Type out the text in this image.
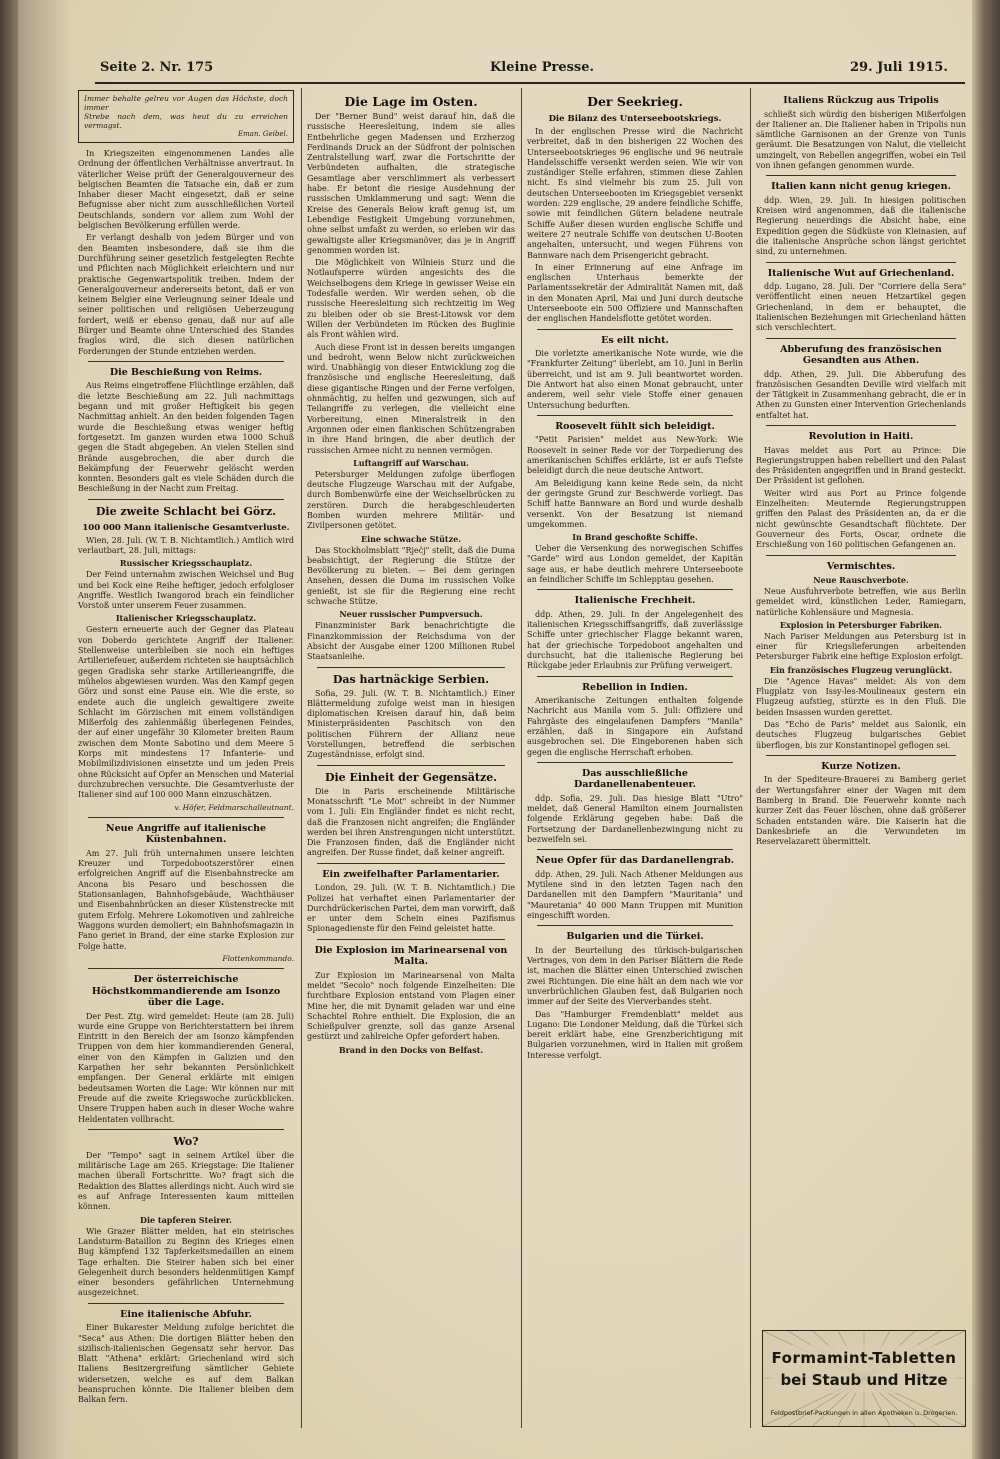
Seite 2. Nr. 175	Kleine Presse.	29. Juli 1915.
Immer behalte gelreu vor Augen das Höchste, doch immer
Strebe nach dem, was heut du zu erreichen vermagst.
Eman. Geibel.

In Kriegszeiten eingenommenen Landes alle Ordnung der öffentlichen Verhältnisse anvertraut. In väterlicher Weise prüft der Generalgouverneur des belgischen Beamten die Tatsache ein, daß er zum Inhaber dieser Macht eingesetzt, daß er seine Befugnisse aber nicht zum ausschließlichen Vorteil Deutschlands, sondern vor allem zum Wohl der belgischen Bevölkerung erfüllen werde.

Er verlangt deshalb von jedem Bürger und von den Beamten insbesondere, daß sie ihm die Durchführung seiner gesetzlich festgelegten Rechte und Pflichten nach Möglichkeit erleichtern und nur praktische Gegenwartspolitik treiben. Indem der Generalgouverneur andererseits betont, daß er von keinem Belgier eine Verleugnung seiner Ideale und seiner politischen und religiösen Ueberzeugung fordert, weiß er ebenso genau, daß nur auf alle Bürger und Beamte ohne Unterschied des Standes fraglos wird, die sich diesen natürlichen Forderungen der Stunde entziehen werden.

Die Beschießung von Reims.

Aus Reims eingetroffene Flüchtlinge erzählen, daß die letzte Beschießung am 22. Juli nachmittags begann und mit großer Heftigkeit bis gegen Nachmittag anhielt. An den beiden folgenden Tagen wurde die Beschießung etwas weniger heftig fortgesetzt. Im ganzen wurden etwa 1000 Schuß gegen die Stadt abgegeben. An vielen Stellen sind Brände ausgebrochen, die aber durch die Bekämpfung der Feuerwehr gelöscht werden konnten. Besonders galt es viele Schäden durch die Beschießung in der Nacht zum Freitag.

Die zweite Schlacht bei Görz.
100 000 Mann italienische Gesamtverluste.

Wien, 28. Juli. (W. T. B. Nichtamtlich.) Amtlich wird verlautbart, 28. Juli, mittags:

Russischer Kriegsschauplatz.

Der Feind unternahm zwischen Weichsel und Bug und bei Kock eine Reihe heftiger, jedoch erfolgloser Angriffe. Westlich Iwangorod brach ein feindlicher Vorstoß unter unserem Feuer zusammen.

Italienischer Kriegsschauplatz.

Gestern erneuerte auch der Gegner das Plateau von Doberdo gerichtete Angriff der Italiener. Stellenweise unterbleiben sie noch ein heftiges Artilleriefeuer, außerdem richteten sie hauptsächlich gegen Gradiska sehr starke Artillerieangriffe, die mühelos abgewiesen wurden. Was den Kampf gegen Görz und sonst eine Pause ein. Wie die erste, so endete auch die ungleich gewaltigere zweite Schlacht im Görzischen mit einem vollständigen Mißerfolg des zahlenmäßig überlegenen Feindes, der auf einer ungefähr 30 Kilometer breiten Raum zwischen dem Monte Sabotino und dem Meere 5 Korps mit mindestens 17 Infanterie- und Mobilmilizdivisionen einsetzte und um jeden Preis ohne Rücksicht auf Opfer an Menschen und Material durchzubrechen versuchte. Die Gesamtverluste der Italiener sind auf 100 000 Mann einzuschätzen.

v. Höfer, Feldmarschalleutnant.
Neue Angriffe auf italienische Küstenbahnen.

Am 27. Juli früh unternahmen unsere leichten Kreuzer und Torpedobootszerstörer einen erfolgreichen Angriff auf die Eisenbahnstrecke am Ancona bis Pesaro und beschossen die Stationsanlagen, Bahnhofsgebäude, Wachthäuser und Eisenbahnbrücken an dieser Küstenstrecke mit gutem Erfolg. Mehrere Lokomotiven und zahlreiche Waggons wurden demoliert; ein Bahnhofsmagazin in Fano geriet in Brand, der eine starke Explosion zur Folge hatte.

Flottenkommando.
Der österreichische Höchstkommandierende am Isonzo über die Lage.

Der Pest. Ztg. wird gemeldet: Heute (am 28. Juli) wurde eine Gruppe von Berichterstattern bei ihrem Eintritt in den Bereich der am Isonzo kämpfenden Truppen von dem hier kommandierenden General, einer von den Kämpfen in Galizien und den Karpathen her sehr bekannten Persönlichkeit empfangen. Der General erklärte mit einigen bedeutsamen Worten die Lage: Wir können nur mit Freude auf die zweite Kriegswoche zurückblicken. Unsere Truppen haben auch in dieser Woche wahre Heldentaten vollbracht.

Wo?

Der "Tempo" sagt in seinem Artikel über die militärische Lage am 265. Kriegstage: Die Italiener machen überall Fortschritte. Wo? fragt sich die Redaktion des Blattes allerdings nicht. Auch wird sie es auf Anfrage Interessenten kaum mitteilen können.

Die tapferen Steirer.

Wie Grazer Blätter melden, hat ein steirisches Landsturm-Bataillon zu Beginn des Krieges einen Bug kämpfend 132 Tapferkeitsmedaillen an einem Tage erhalten. Die Steirer haben sich bei einer Gelegenheit durch besonders heldenmütigen Kampf einer besonders gefährlichen Unternehmung ausgezeichnet.

Eine italienische Abfuhr.

Einer Bukarester Meldung zufolge berichtet die "Seca" aus Athen: Die dortigen Blätter heben den sizilisch-italienischen Gegensatz sehr hervor. Das Blatt "Athena" erklärt: Griechenland wird sich Italiens Besitzergreifung sämtlicher Gebiete widersetzen, welche es auf dem Balkan beanspruchen könnte. Die Italiener bleiben dem Balkan fern.

Die Lage im Osten.

Der "Berner Bund" weist darauf hin, daß die russische Heeresleitung, indem sie alles Entbehrliche gegen Madensen und Erzherzog Ferdinands Druck an der Südfront der polnischen Zentralstellung warf, zwar die Fortschritte der Verbündeten aufhalten, die strategische Gesamtlage aber verschlimmert als verbessert habe. Er betont die riesige Ausdehnung der russischen Umklammerung und sagt: Wenn die Kreise des Generals Below kraft genug ist, um Lebendige Festigkeit Umgebung vorzunehmen, ohne selbst umfaßt zu werden, so erleben wir das gewaltigste aller Kriegsmanöver, das je in Angriff genommen worden ist.

Die Möglichkeit von Wilnieis Sturz und die Notlaufsperre würden angesichts des die Weichselbogens dem Kriege in gewisser Weise ein Todesfalle werden. Wir werden sehen, ob die russische Heeresleitung sich rechtzeitig im Weg zu bleiben oder ob sie Brest-Litowsk vor dem Willen der Verbündeten im Rücken des Buglinie als Front wählen wird.

Auch diese Front ist in dessen bereits umgangen und bedroht, wenn Below nicht zurückweichen wird. Unabhängig von dieser Entwicklung zog die französische und englische Heeresleitung, daß diese gigantische Ringen und der Ferne verfolgen, ohnmächtig, zu helfen und gezwungen, sich auf Teilangriffe zu verlegen, die vielleicht eine Vorbereitung, einen Mineralstreik in den Argonnen oder einen flankischen Schützengraben in ihre Hand bringen, die aber deutlich der russischen Armee nicht zu nennen vermögen.

Luftangriff auf Warschau.

Petersburger Meldungen zufolge überflogen deutsche Flugzeuge Warschau mit der Aufgabe, durch Bombenwürfe eine der Weichselbrücken zu zerstören. Durch die herabgeschleuderten Bomben wurden mehrere Militär- und Zivilpersonen getötet.

Eine schwache Stütze.

Das Stockholmsblatt "Rječj" stellt, daß die Duma beabsichtigt, der Regierung die Stütze der Bevölkerung zu bieten. — Bei dem geringen Ansehen, dessen die Duma im russischen Volke genießt, ist sie für die Regierung eine recht schwache Stütze.

Neuer russischer Pumpversuch.

Finanzminister Bark benachrichtigte die Finanzkommission der Reichsduma von der Absicht der Ausgabe einer 1200 Millionen Rubel Staatsanleihe.

Das hartnäckige Serbien.

Sofia, 29. Juli. (W. T. B. Nichtamtlich.) Einer Blättermeldung zufolge weist man in hiesigen diplomatischen Kreisen darauf hin, daß beim Ministerpräsidenten Paschitsch von den politischen Führern der Allianz neue Vorstellungen, betreffend die serbischen Zugeständnisse, erfolgt sind.

Die Einheit der Gegensätze.

Die in Paris erscheinende Militärische Monatsschrift "Le Mot" schreibt in der Nummer vom 1. Juli: Ein Engländer findet es nicht recht, daß die Franzosen nicht angreifen; die Engländer werden bei ihren Anstrengungen nicht unterstützt. Die Franzosen finden, daß die Engländer nicht angreifen. Der Russe findet, daß keiner angreift.

Ein zweifelhafter Parlamentarier.

London, 29. Juli. (W. T. B. Nichtamtlich.) Die Polizei hat verhaftet einen Parlamentarier der Durchdrückerischen Partei, dem man vorwirft, daß er unter dem Schein eines Pazifismus Spionagedienste für den Feind geleistet hatte.

Die Explosion im Marinearsenal von Malta.

Zur Explosion im Marinearsenal von Malta meldet "Secolo" noch folgende Einzelheiten: Die furchtbare Explosion entstand vom Plagen einer Mine her, die mit Dynamit geladen war und eine Schachtel Rohre enthielt. Die Explosion, die an Schießpulver grenzte, soll das ganze Arsenal gestürzt und zahlreiche Opfer gefordert haben.

Brand in den Docks von Belfast.
Der Seekrieg.
Die Bilanz des Unterseebootskriegs.

In der englischen Presse wird die Nachricht verbreitet, daß in den bisherigen 22 Wochen des Unterseebootskrieges 96 englische und 96 neutrale Handelsschiffe versenkt werden seien. Wie wir von zuständiger Stelle erfahren, stimmen diese Zahlen nicht. Es sind vielmehr bis zum 25. Juli von deutschen Unterseebooten im Kriegsgebiet versenkt worden: 229 englische, 29 andere feindliche Schiffe, sowie mit feindlichen Gütern beladene neutrale Schiffe Außer diesen wurden englische Schiffe und weitere 27 neutrale Schiffe von deutschen U-Booten angehalten, untersucht, und wegen Führens von Bannware nach dem Prisengericht gebracht.

In einer Erinnerung auf eine Anfrage im englischen Unterhaus bemerkte der Parlamentssekretär der Admiralität Namen mit, daß in den Monaten April, Mai und Juni durch deutsche Unterseeboote ein 500 Offiziere und Mannschaften der englischen Handelsflotte getötet worden.

Es eilt nicht.

Die vorletzte amerikanische Note wurde, wie die "Frankfurter Zeitung" überlebt, am 10. Juni in Berlin überreicht, und ist am 9. Juli beantwortet worden. Die Antwort hat also einen Monat gebraucht, unter anderem, weil sehr viele Stoffe einer genauen Untersuchung bedurften.

Roosevelt fühlt sich beleidigt.

"Petit Parisien" meldet aus New-York: Wie Roosevelt in seiner Rede vor der Torpedierung des amerikanischen Schiffes erklärte, ist er aufs Tiefste beleidigt durch die neue deutsche Antwort.

Am Beleidigung kann keine Rede sein, da nicht der geringste Grund zur Beschwerde vorliegt. Das Schiff hatte Bannware an Bord und wurde deshalb versenkt. Von der Besatzung ist niemand umgekommen.

In Brand geschoßte Schiffe.

Ueber die Versenkung des norwegischen Schiffes "Garde" wird aus London gemeldet, der Kapitän sage aus, er habe deutlich mehrere Unterseeboote an feindlicher Schiffe im Schlepptau gesehen.

Italienische Frechheit.

ddp. Athen, 29. Juli. In der Angelegenheit des italienischen Kriegsschiffsangriffs, daß zuverlässige Schiffe unter griechischer Flagge bekannt waren, hat der griechische Torpedoboot angehalten und durchsucht, hat die italienische Regierung bei Rückgabe jeder Erlaubnis zur Prüfung verweigert.

Rebellion in Indien.

Amerikanische Zeitungen enthalten folgende Nachricht aus Manila vom 5. Juli: Offiziere und Fahrgäste des eingelaufenen Dampfers "Manila" erzählen, daß in Singapore ein Aufstand ausgebrochen sei. Die Eingeborenen haben sich gegen die englische Herrschaft erhoben.

Das ausschließliche Dardanellenabenteuer.

ddp. Sofia, 29. Juli. Das hiesige Blatt "Utro" meldet, daß General Hamilton einem Journalisten folgende Erklärung gegeben habe: Daß die Fortsetzung der Dardanellenbezwingung nicht zu bezweifeln sei.

Neue Opfer für das Dardanellengrab.

ddp. Athen, 29. Juli. Nach Athener Meldungen aus Mytilene sind in den letzten Tagen nach den Dardanellen mit den Dampfern "Mauritania" und "Mauretania" 40 000 Mann Truppen mit Munition eingeschifft worden.

Bulgarien und die Türkei.

In der Beurteilung des türkisch-bulgarischen Vertrages, von dem in den Pariser Blättern die Rede ist, machen die Blätter einen Unterschied zwischen zwei Richtungen. Die eine hält an dem nach wie vor unverbrüchlichen Glauben fest, daß Bulgarien noch immer auf der Seite des Vierverbandes steht.

Das "Hamburger Fremdenblatt" meldet aus Lugano: Die Londoner Meldung, daß die Türkei sich bereit erklärt habe, eine Grenzberichtigung mit Bulgarien vorzunehmen, wird in Italien mit großem Interesse verfolgt.

Italiens Rückzug aus Tripolis

schließt sich würdig den bisherigen Mißerfolgen der Italiener an. Die Italiener haben in Tripolis nun sämtliche Garnisonen an der Grenze von Tunis geräumt. Die Besatzungen von Nalut, die vielleicht umzingelt, von Rebellen angegriffen, wobei ein Teil von ihnen gefangen genommen wurde.

Italien kann nicht genug kriegen.

ddp. Wien, 29. Juli. In hiesigen politischen Kreisen wird angenommen, daß die italienische Regierung neuerdings die Absicht habe, eine Expedition gegen die Südküste von Kleinasien, auf die italienische Ansprüche schon längst gerichtet sind, zu unternehmen.

Italienische Wut auf Griechenland.

ddp. Lugano, 28. Juli. Der "Corriere della Sera" veröffentlicht einen neuen Hetzartikel gegen Griechenland, in dem er behauptet, die italienischen Beziehungen mit Griechenland hätten sich verschlechtert.

Abberufung des französischen Gesandten aus Athen.

ddp. Athen, 29. Juli. Die Abberufung des französischen Gesandten Deville wird vielfach mit der Tätigkeit in Zusammenhang gebracht, die er in Athen zu Gunsten einer Intervention Griechenlands entfaltet hat.

Revolution in Haiti.

Havas meldet aus Port au Prince: Die Regierungstruppen haben rebelliert und den Palast des Präsidenten angegriffen und in Brand gesteckt. Der Präsident ist geflohen.

Weiter wird aus Port au Prince folgende Einzelheiten: Meuternde Regierungstruppen griffen den Palast des Präsidenten an, da er die nicht gewünschte Gesandtschaft flüchtete. Der Gouverneur des Forts, Oscar, ordnete die Erschießung von 160 politischen Gefangenen an.

Vermischtes.
Neue Rauschverbote.

Neue Ausfuhrverbote betreffen, wie aus Berlin gemeldet wird, künstlichen Leder, Ramiegarn, natürliche Kohlensäure und Magnesia.

Explosion in Petersburger Fabriken.

Nach Pariser Meldungen aus Petersburg ist in einer für Kriegslieferungen arbeitenden Petersburger Fabrik eine heftige Explosion erfolgt.

Ein französisches Flugzeug verunglückt.

Die "Agence Havas" meldet: Als von dem Flugplatz von Issy-les-Moulineaux gestern ein Flugzeug aufstieg, stürzte es in den Fluß. Die beiden Insassen wurden gerettet.

Das "Echo de Paris" meldet aus Salonik, ein deutsches Flugzeug bulgarisches Gebiet überflogen, bis zur Konstantinopel geflogen sei.

Kurze Notizen.

In der Spediteure-Brauerei zu Bamberg geriet der Wertungsfahrer einer der Wagen mit dem Bamberg in Brand. Die Feuerwehr konnte nach kurzer Zeit das Feuer löschen, ohne daß größerer Schaden entstanden wäre. Die Kaiserin hat die Dankesbriefe an die Verwundeten im Reservelazarett übermittelt.

Formamint-Tabletten
bei Staub und Hitze
Feldpostbrief-Packungen in allen Apotheken u. Drogerien.
